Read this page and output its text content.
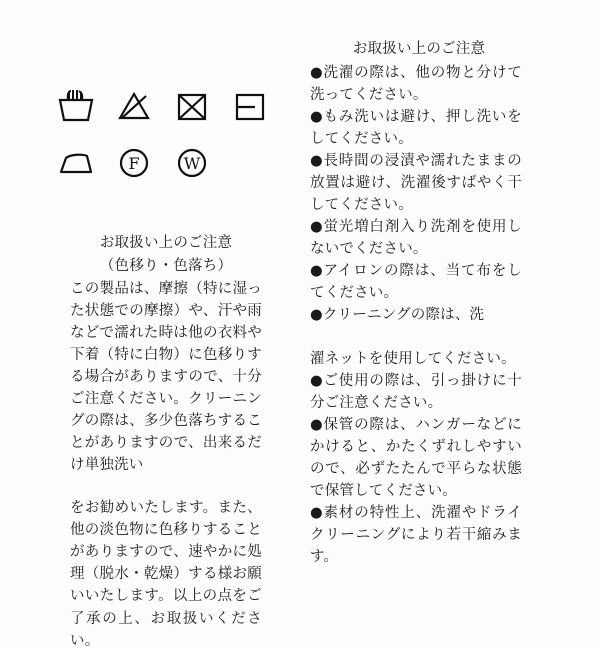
F	W
お取扱い上のご注意
（色移り・色落ち）

この製品は、摩擦（特に湿った状態での摩擦）や、汗や雨などで濡れた時は他の衣料や下着（特に白物）に色移りする場合がありますので、十分ご注意ください。クリーニングの際は、多少色落ちすることがありますので、出来るだけ単独洗い

をお勧めいたします。また、他の淡色物に色移りすることがありますので、速やかに処理（脱水・乾燥）する様お願いいたします。以上の点をご了承の上、お取扱いください。

お取扱い上のご注意

●洗濯の際は、他の物と分けて洗ってください。

●もみ洗いは避け、押し洗いをしてください。

●長時間の浸漬や濡れたままの放置は避け、洗濯後すばやく干してください。

●蛍光増白剤入り洗剤を使用しないでください。

●アイロンの際は、当て布をしてください。

●クリーニングの際は、洗

濯ネットを使用してください。

●ご使用の際は、引っ掛けに十分ご注意ください。

●保管の際は、ハンガーなどにかけると、かたくずれしやすいので、必ずたたんで平らな状態で保管してください。

●素材の特性上、洗濯やドライクリーニングにより若干縮みます。
